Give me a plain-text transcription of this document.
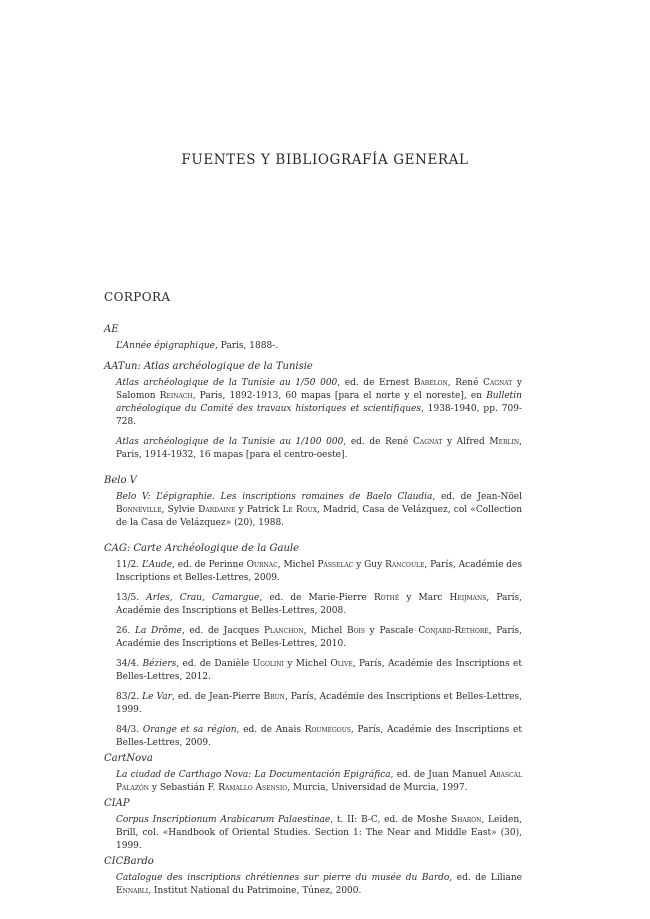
FUENTES Y BIBLIOGRAFÍA GENERAL
CORPORA

AE

L’Année épigraphique, Paris, 1888-.

AATun: Atlas archéologique de la Tunisie

Atlas archéologique de la Tunisie au 1/50 000, ed. de Ernest Babelon, René Cagnat y Salomon Reinach, Paris, 1892-1913, 60 mapas [para el norte y el noreste], en Bulletin archéologique du Comité des travaux historiques et scientifiques, 1938-1940, pp. 709-728.

Atlas archéologique de la Tunisie au 1/100 000, ed. de René Cagnat y Alfred Merlin, Paris, 1914-1932, 16 mapas [para el centro-oeste].

Belo V

Belo V: L’épigraphie. Les inscriptions romaines de Baelo Claudia, ed. de Jean-Nöel Bonneville, Sylvie Dardaine y Patrick Le Roux, Madrid, Casa de Velázquez, col «Collection de la Casa de Velázquez» (20), 1988.

CAG: Carte Archéologique de la Gaule

11/2. L’Aude, ed. de Perinne Ournac, Michel Passelac y Guy Rancoule, París, Académie des Inscriptions et Belles-Lettres, 2009.

13/5. Arles, Crau, Camargue, ed. de Marie-Pierre Rothé y Marc Heijmans, París, Académie des Inscriptions et Belles-Lettres, 2008.

26. La Drôme, ed. de Jacques Planchon, Michel Bois y Pascale Conjard-Réthoré, París, Académie des Inscriptions et Belles-Lettres, 2010.

34/4. Béziers, ed. de Danièle Ugolini y Michel Olive, París, Académie des Inscriptions et Belles-Lettres, 2012.

83/2. Le Var, ed. de Jean-Pierre Brun, París, Académie des Inscriptions et Belles-Lettres, 1999.

84/3. Orange et sa région, ed. de Anais Roumégous, París, Académie des Inscriptions et Belles-Lettres, 2009.

CartNova

La ciudad de Carthago Nova: La Documentación Epigráfica, ed. de Juan Manuel Abascal Palazón y Sebastián F. Ramallo Asensio, Murcia, Universidad de Murcia, 1997.

CIAP

Corpus Inscriptionum Arabicarum Palaestinae, t. II: B-C, ed. de Moshe Sharon, Leiden, Brill, col. «Handbook of Oriental Studies. Section 1: The Near and Middle East» (30), 1999.

CICBardo

Catalogue des inscriptions chrétiennes sur pierre du musée du Bardo, ed. de Liliane Ennabli, Institut National du Patrimoine, Túnez, 2000.
